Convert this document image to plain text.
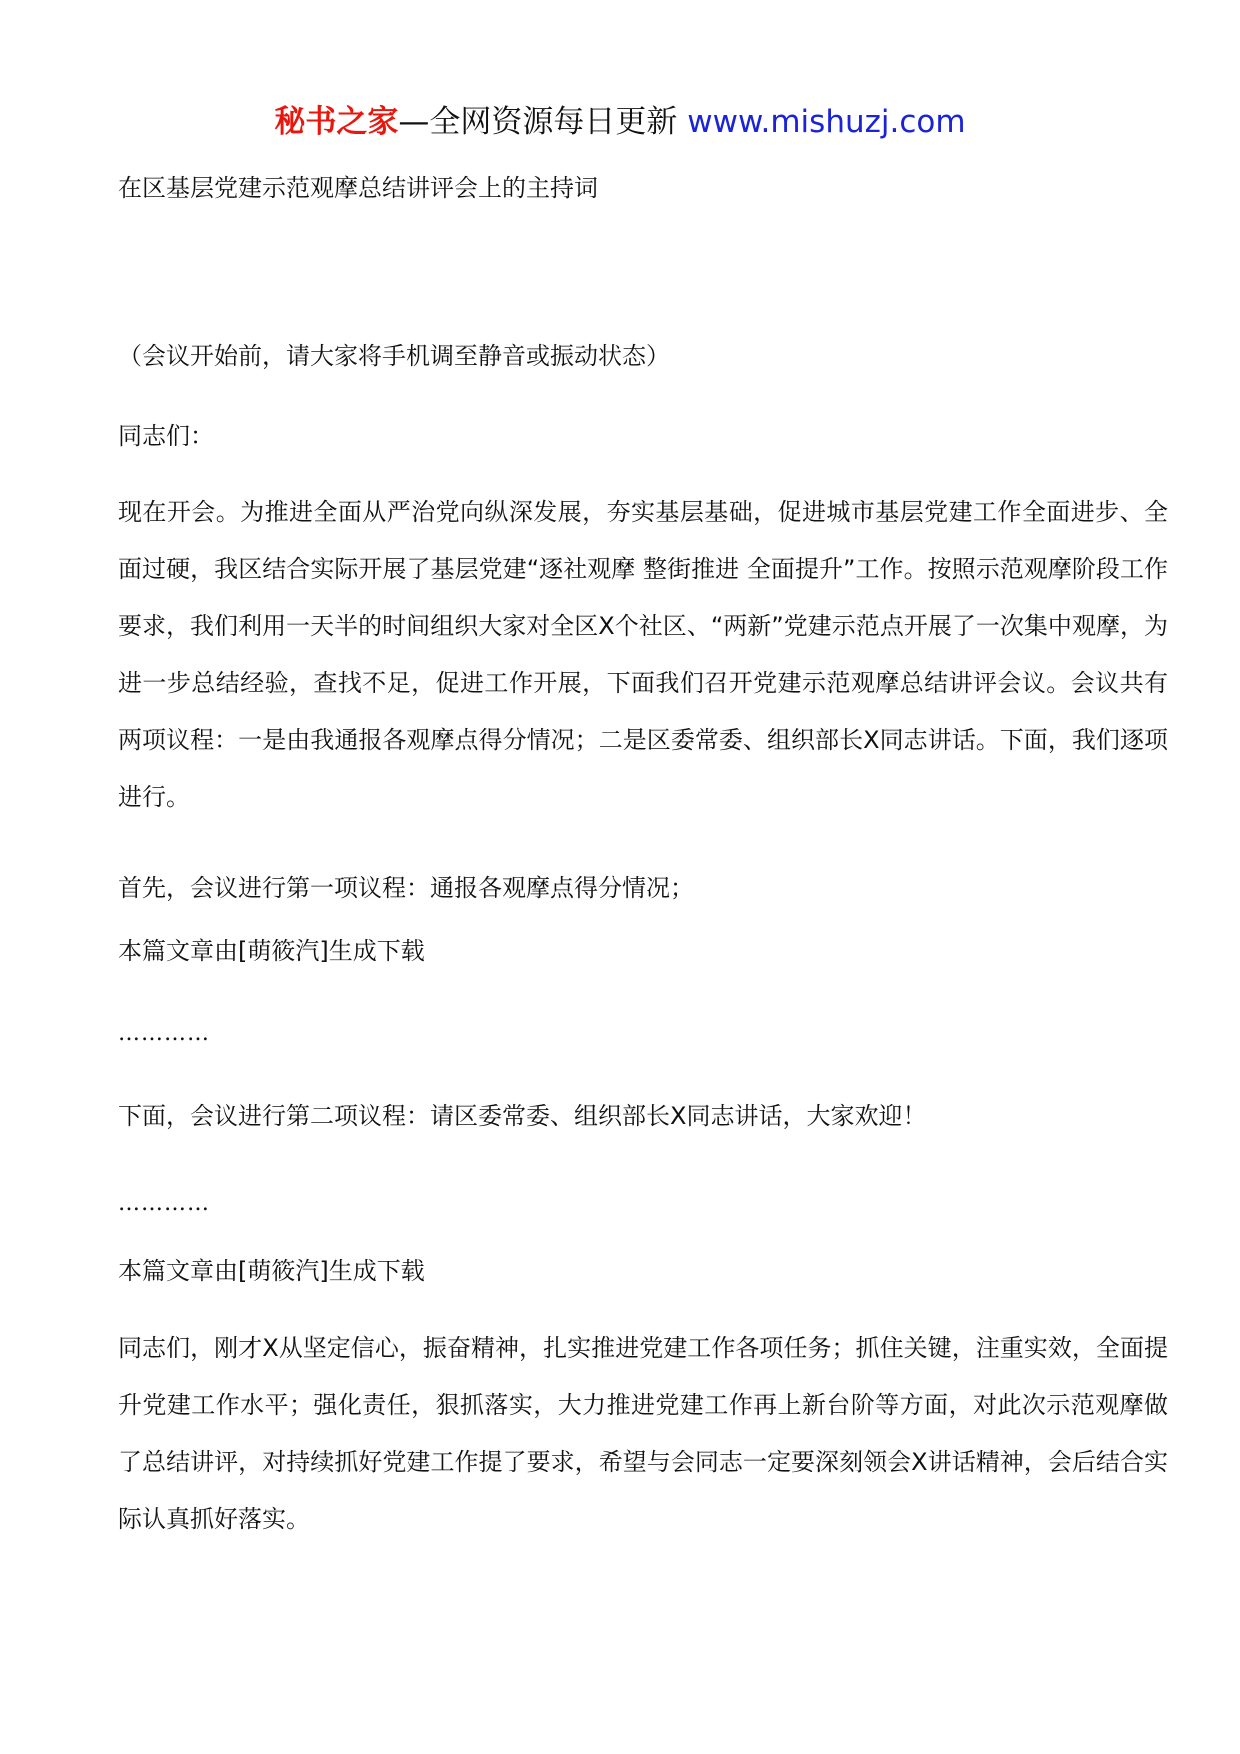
秘书之家—全网资源每日更新 www.mishuzj.com
在区基层党建示范观摩总结讲评会上的主持词
（会议开始前，请大家将手机调至静音或振动状态）
同志们：
现在开会。为推进全面从严治党向纵深发展，夯实基层基础，促进城市基层党建工作全面进步、全面过硬，我区结合实际开展了基层党建“逐社观摩 整街推进 全面提升”工作。按照示范观摩阶段工作要求，我们利用一天半的时间组织大家对全区X个社区、“两新”党建示范点开展了一次集中观摩，为进一步总结经验，查找不足，促进工作开展，下面我们召开党建示范观摩总结讲评会议。会议共有两项议程：一是由我通报各观摩点得分情况；二是区委常委、组织部长X同志讲话。下面，我们逐项进行。
首先，会议进行第一项议程：通报各观摩点得分情况；
本篇文章由[萌筱汽]生成下载
…………
下面，会议进行第二项议程：请区委常委、组织部长X同志讲话，大家欢迎！
…………
本篇文章由[萌筱汽]生成下载
同志们，刚才X从坚定信心，振奋精神，扎实推进党建工作各项任务；抓住关键，注重实效，全面提升党建工作水平；强化责任，狠抓落实，大力推进党建工作再上新台阶等方面，对此次示范观摩做了总结讲评，对持续抓好党建工作提了要求，希望与会同志一定要深刻领会X讲话精神，会后结合实际认真抓好落实。
